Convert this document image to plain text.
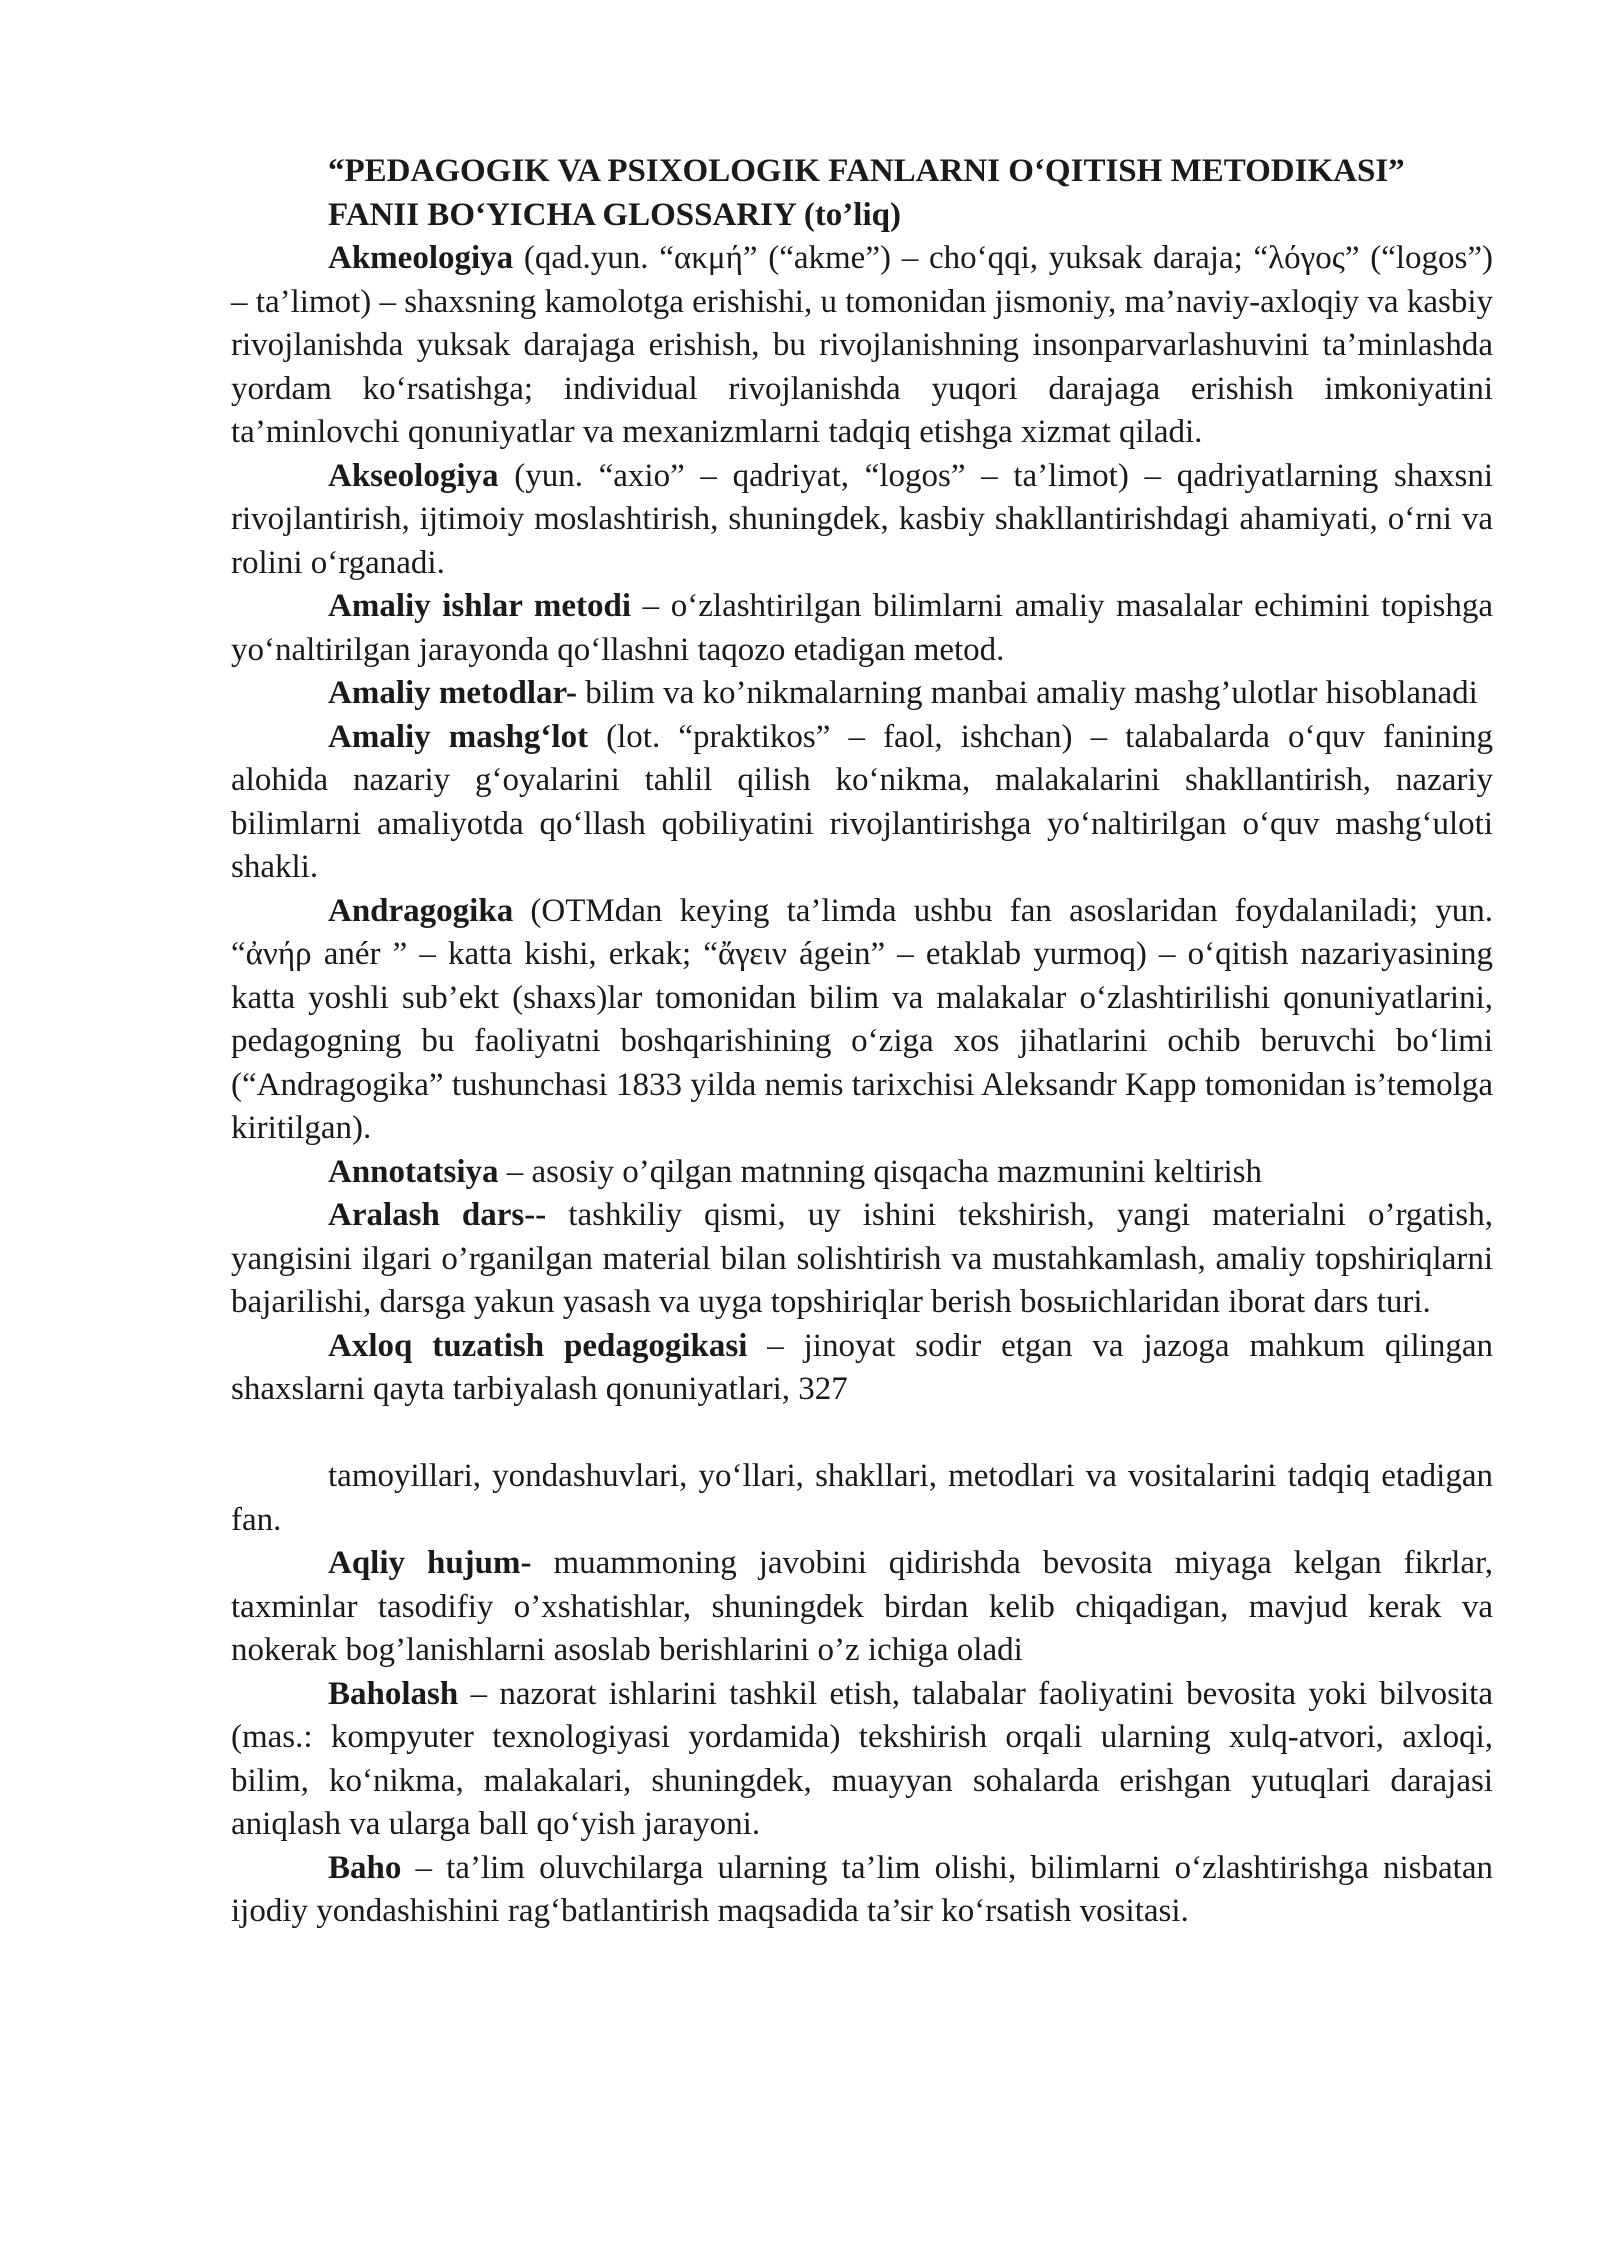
“PEDAGOGIK VA PSIXOLOGIK FANLARNI O‘QITISH METODIKASI”

FANII BO‘YICHA GLOSSARIY (to’liq)

Akmeologiya (qad.yun. “ακμή” (“akme”) – cho‘qqi, yuksak daraja; “λόγος” (“logos”) – ta’limot) – shaxsning kamolotga erishishi, u tomonidan jismoniy, ma’naviy-axloqiy va kasbiy rivojlanishda yuksak darajaga erishish, bu rivojlanishning insonparvarlashuvini ta’minlashda yordam ko‘rsatishga; individual rivojlanishda yuqori darajaga erishish imkoniyatini ta’minlovchi qonuniyatlar va mexanizmlarni tadqiq etishga xizmat qiladi.

Akseologiya (yun. “axio” – qadriyat, “logos” – ta’limot) – qadriyatlarning shaxsni rivojlantirish, ijtimoiy moslashtirish, shuningdek, kasbiy shakllantirishdagi ahamiyati, o‘rni va rolini o‘rganadi.

Amaliy ishlar metodi – o‘zlashtirilgan bilimlarni amaliy masalalar echimini topishga yo‘naltirilgan jarayonda qo‘llashni taqozo etadigan metod.

Amaliy metodlar- bilim va ko’nikmalarning manbai amaliy mashg’ulotlar hisoblanadi

Amaliy mashg‘lot (lot. “praktikos” – faol, ishchan) – talabalarda o‘quv fanining alohida nazariy g‘oyalarini tahlil qilish ko‘nikma, malakalarini shakllantirish, nazariy bilimlarni amaliyotda qo‘llash qobiliyatini rivojlantirishga yo‘naltirilgan o‘quv mashg‘uloti shakli.

Andragogika (OTMdan keying ta’limda ushbu fan asoslaridan foydalaniladi; yun. “ἀνήρ anér ” – katta kishi, erkak; “ἄγειν ágein” – etaklab yurmoq) – o‘qitish nazariyasining katta yoshli sub’ekt (shaxs)lar tomonidan bilim va malakalar o‘zlashtirilishi qonuniyatlarini, pedagogning bu faoliyatni boshqarishining o‘ziga xos jihatlarini ochib beruvchi bo‘limi (“Andragogika” tushunchasi 1833 yilda nemis tarixchisi Aleksandr Kapp tomonidan is’temolga kiritilgan).

Annotatsiya – asosiy o’qilgan matnning qisqacha mazmunini keltirish

Aralash dars-- tashkiliy qismi, uy ishini tekshirish, yangi materialni o’rgatish, yangisini ilgari o’rganilgan material bilan solishtirish va mustahkamlash, amaliy topshiriqlarni bajarilishi, darsga yakun yasash va uyga topshiriqlar berish bosыichlaridan iborat dars turi.

Axloq tuzatish pedagogikasi – jinoyat sodir etgan va jazoga mahkum qilingan shaxslarni qayta tarbiyalash qonuniyatlari, 327

tamoyillari, yondashuvlari, yo‘llari, shakllari, metodlari va vositalarini tadqiq etadigan fan.

Aqliy hujum- muammoning javobini qidirishda bevosita miyaga kelgan fikrlar, taxminlar tasodifiy o’xshatishlar, shuningdek birdan kelib chiqadigan, mavjud kerak va nokerak bog’lanishlarni asoslab berishlarini o’z ichiga oladi

Baholash – nazorat ishlarini tashkil etish, talabalar faoliyatini bevosita yoki bilvosita (mas.: kompyuter texnologiyasi yordamida) tekshirish orqali ularning xulq-atvori, axloqi, bilim, ko‘nikma, malakalari, shuningdek, muayyan sohalarda erishgan yutuqlari darajasi aniqlash va ularga ball qo‘yish jarayoni.

Baho – ta’lim oluvchilarga ularning ta’lim olishi, bilimlarni o‘zlashtirishga nisbatan ijodiy yondashishini rag‘batlantirish maqsadida ta’sir ko‘rsatish vositasi.
